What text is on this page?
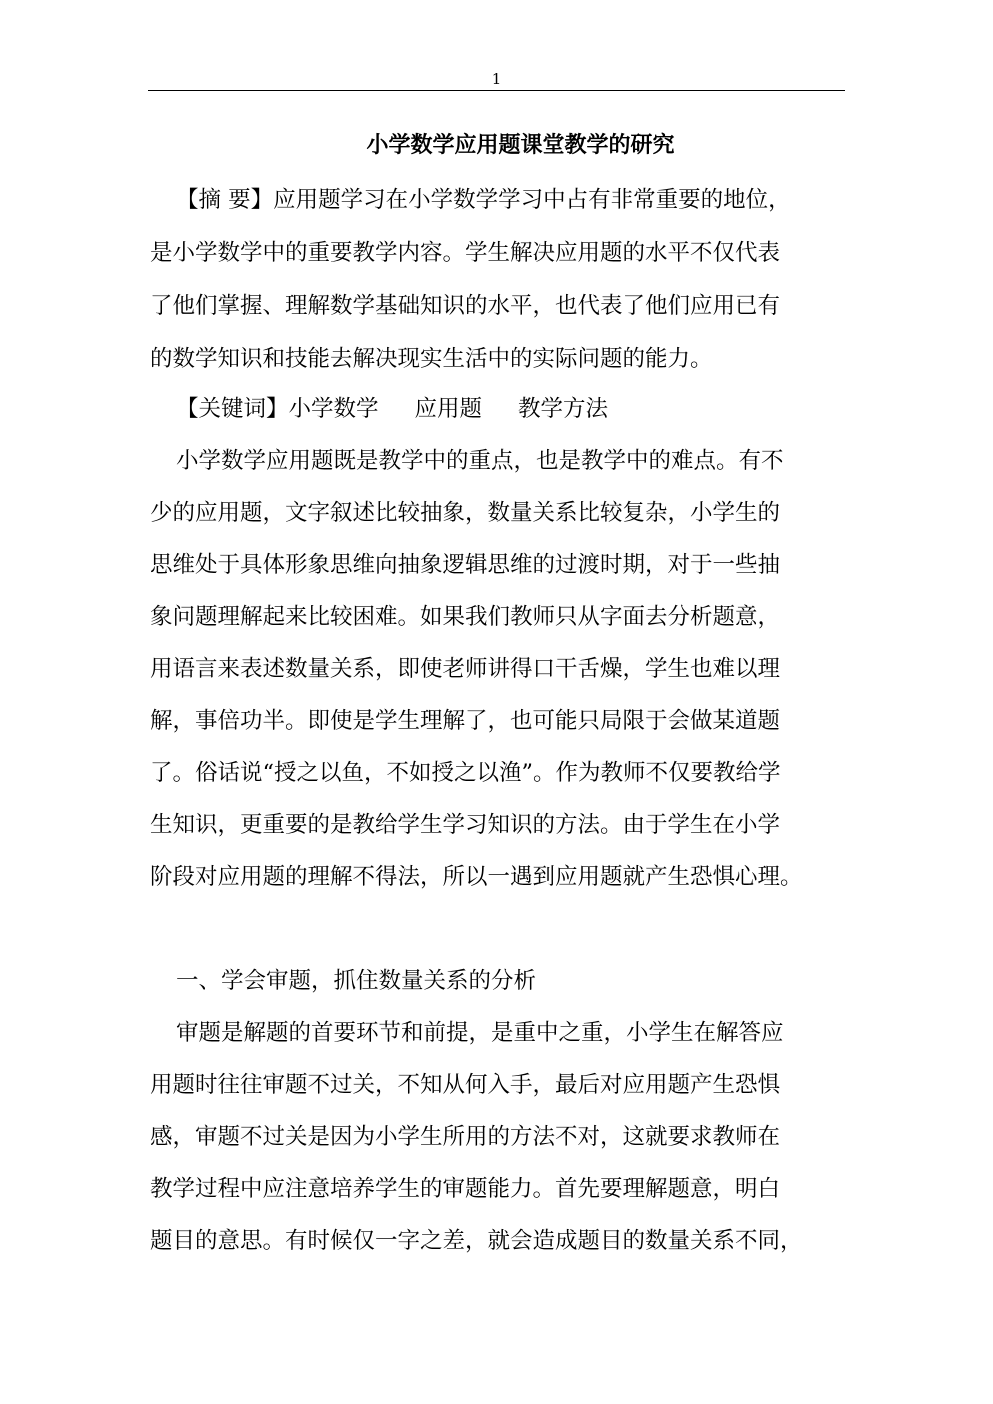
1
小学数学应用题课堂教学的研究
【摘 要】应用题学习在小学数学学习中占有非常重要的地位，
是小学数学中的重要教学内容。学生解决应用题的水平不仅代表
了他们掌握、理解数学基础知识的水平，也代表了他们应用已有
的数学知识和技能去解决现实生活中的实际问题的能力。
【关键词】小学数学 应用题 教学方法
小学数学应用题既是教学中的重点，也是教学中的难点。有不
少的应用题，文字叙述比较抽象，数量关系比较复杂，小学生的
思维处于具体形象思维向抽象逻辑思维的过渡时期，对于一些抽
象问题理解起来比较困难。如果我们教师只从字面去分析题意，
用语言来表述数量关系，即使老师讲得口干舌燥，学生也难以理
解，事倍功半。即使是学生理解了，也可能只局限于会做某道题
了。俗话说“授之以鱼，不如授之以渔”。作为教师不仅要教给学
生知识，更重要的是教给学生学习知识的方法。由于学生在小学
阶段对应用题的理解不得法，所以一遇到应用题就产生恐惧心理。
一、学会审题，抓住数量关系的分析
审题是解题的首要环节和前提，是重中之重，小学生在解答应
用题时往往审题不过关，不知从何入手，最后对应用题产生恐惧
感，审题不过关是因为小学生所用的方法不对，这就要求教师在
教学过程中应注意培养学生的审题能力。首先要理解题意，明白
题目的意思。有时候仅一字之差，就会造成题目的数量关系不同，
